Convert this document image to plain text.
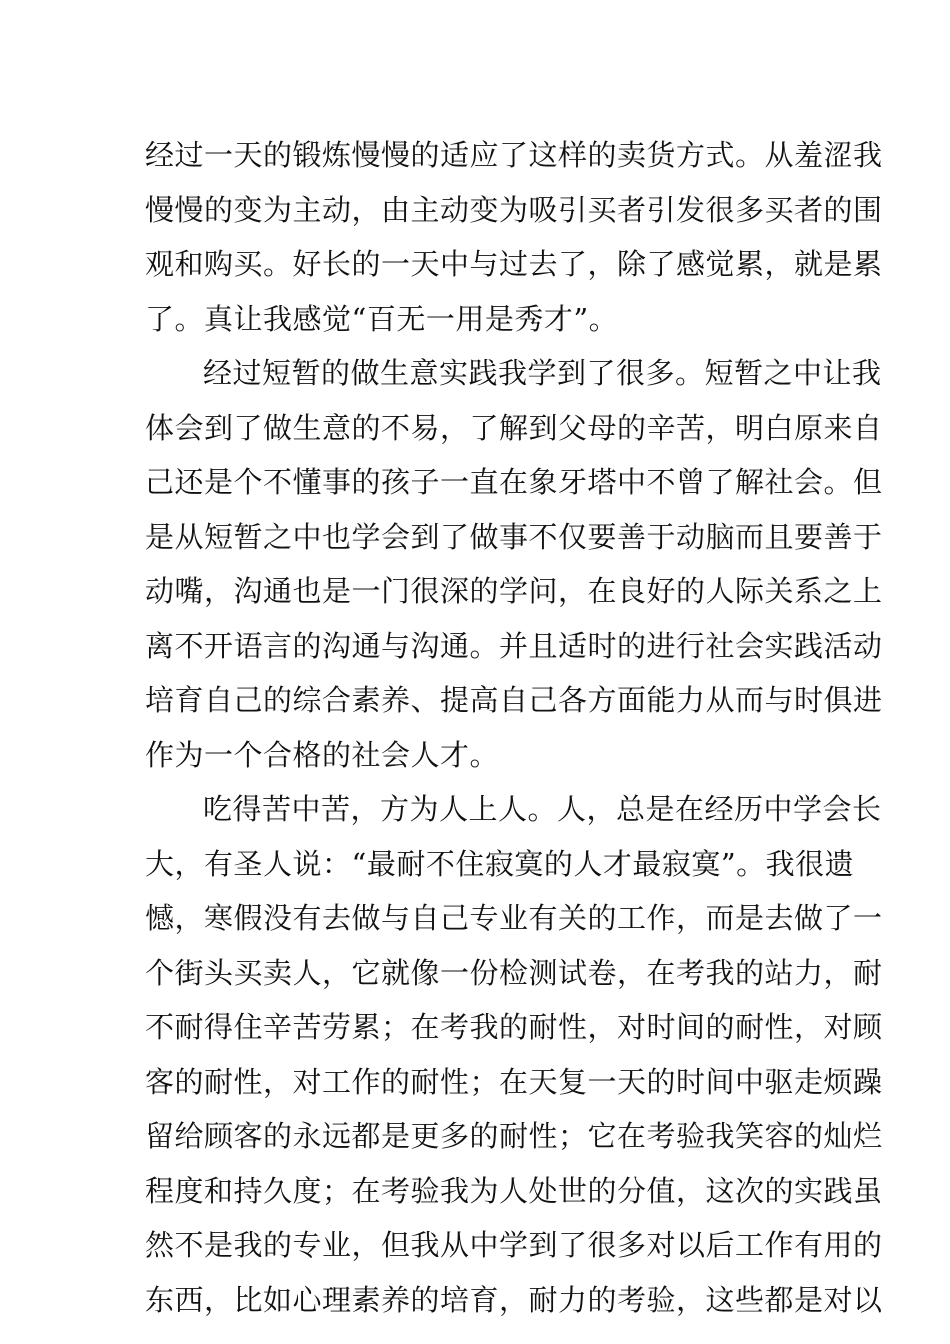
经过一天的锻炼慢慢的适应了这样的卖货方式。从羞涩我
慢慢的变为主动，由主动变为吸引买者引发很多买者的围
观和购买。好长的一天中与过去了，除了感觉累，就是累
了。真让我感觉“百无一用是秀才”。
经过短暂的做生意实践我学到了很多。短暂之中让我
体会到了做生意的不易，了解到父母的辛苦，明白原来自
己还是个不懂事的孩子一直在象牙塔中不曾了解社会。但
是从短暂之中也学会到了做事不仅要善于动脑而且要善于
动嘴，沟通也是一门很深的学问，在良好的人际关系之上
离不开语言的沟通与沟通。并且适时的进行社会实践活动
培育自己的综合素养、提高自己各方面能力从而与时俱进
作为一个合格的社会人才。
吃得苦中苦，方为人上人。人，总是在经历中学会长
大，有圣人说：“最耐不住寂寞的人才最寂寞”。我很遗
憾，寒假没有去做与自己专业有关的工作，而是去做了一
个街头买卖人，它就像一份检测试卷，在考我的站力，耐
不耐得住辛苦劳累；在考我的耐性，对时间的耐性，对顾
客的耐性，对工作的耐性；在天复一天的时间中驱走烦躁
留给顾客的永远都是更多的耐性；它在考验我笑容的灿烂
程度和持久度；在考验我为人处世的分值，这次的实践虽
然不是我的专业，但我从中学到了很多对以后工作有用的
东西，比如心理素养的培育，耐力的考验，这些都是对以
